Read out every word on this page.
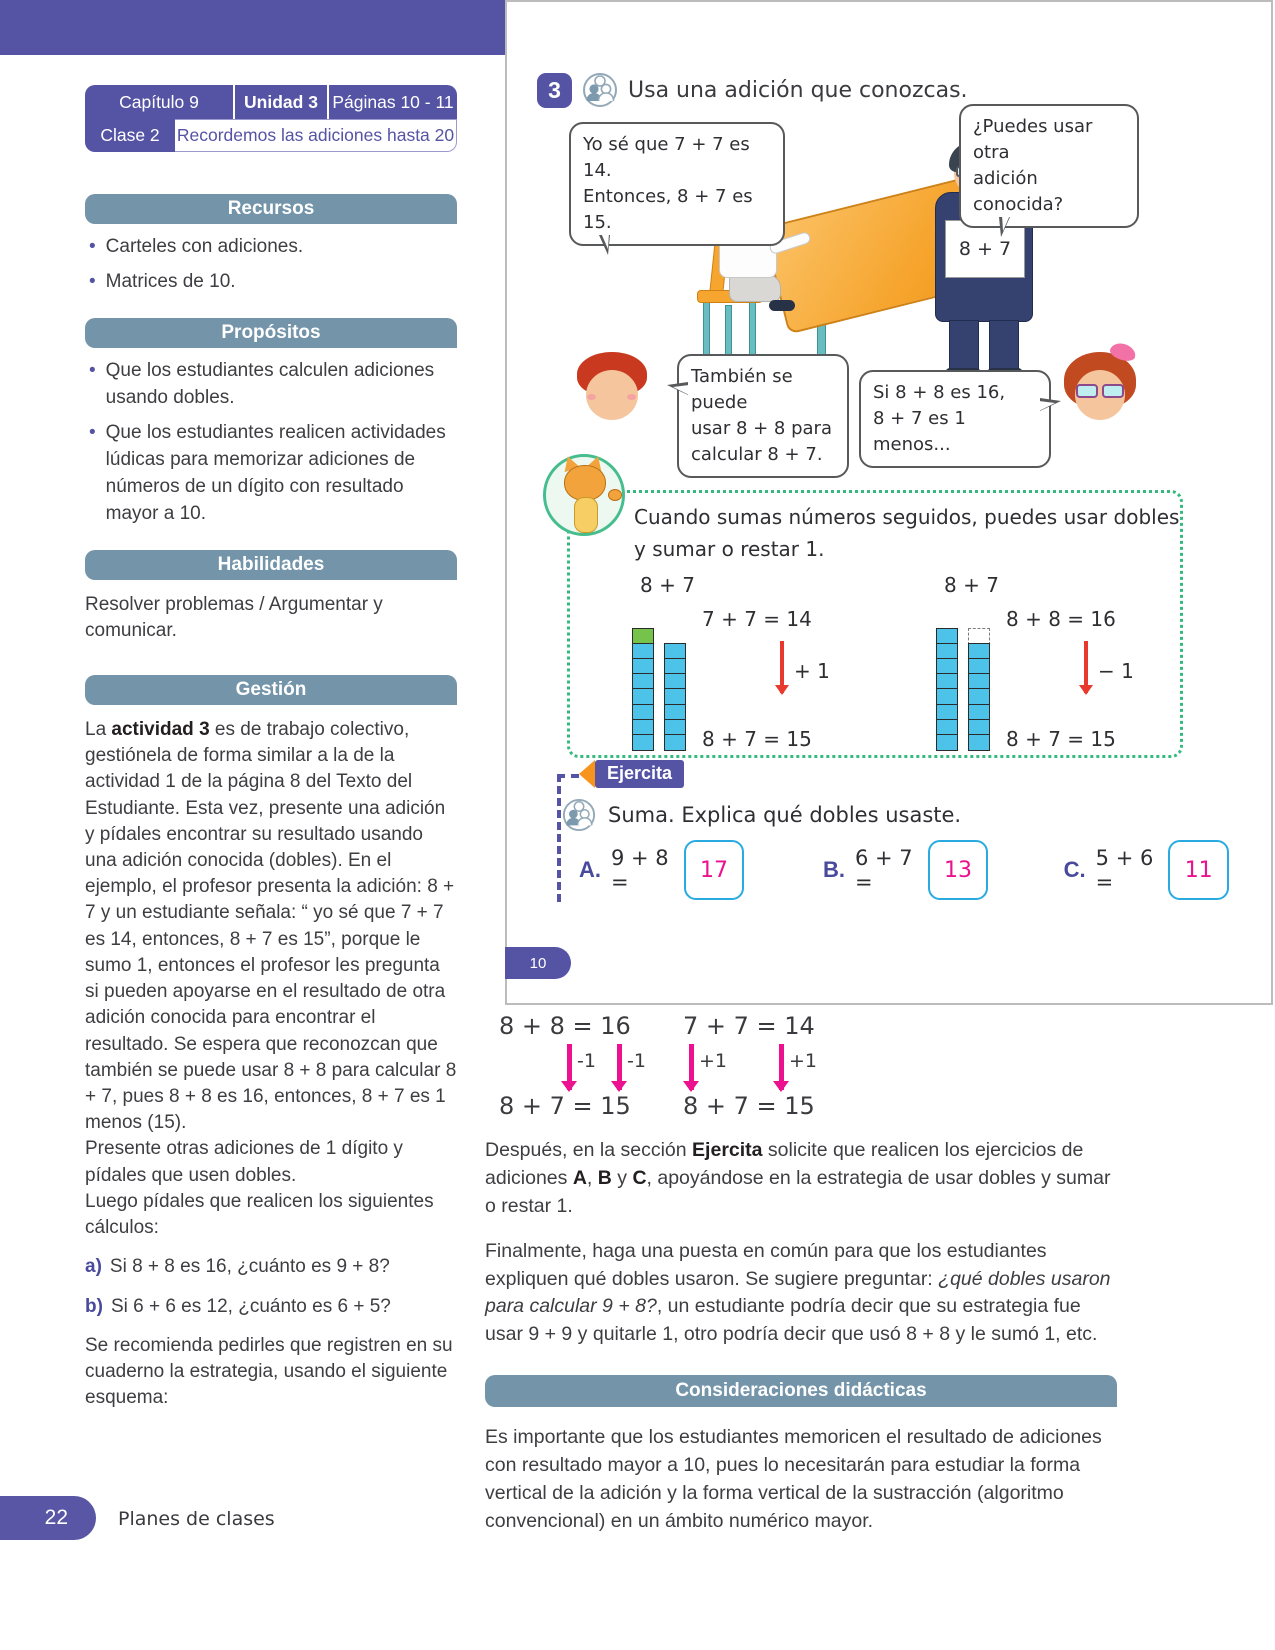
Capítulo 9	Unidad 3 Páginas 10 - 11
Clase 2 Recordemos las adiciones hasta 20
Recursos
• Carteles con adiciones.
• Matrices de 10.
Propósitos
• Que los estudiantes calculen adiciones usando dobles.
• Que los estudiantes realicen actividades lúdicas para memorizar adiciones de números de un dígito con resultado mayor a 10.
Habilidades
Resolver problemas / Argumentar y comunicar.
Gestión
La actividad 3 es de trabajo colectivo, gestiónela de forma similar a la de la actividad 1 de la página 8 del Texto del Estudiante. Esta vez, presente una adición y pídales encontrar su resultado usando una adición conocida (dobles). En el ejemplo, el profesor presenta la adición: 8 + 7 y un estudiante señala: “ yo sé que 7 + 7 es 14, entonces, 8 + 7 es 15”, porque le sumo 1, entonces el profesor les pregunta si pueden apoyarse en el resultado de otra adición conocida para encontrar el resultado. Se espera que reconozcan que también se puede usar 8 + 8 para calcular 8 + 7, pues 8 + 8 es 16, entonces, 8 + 7 es 1 menos (15).
Presente otras adiciones de 1 dígito y pídales que usen dobles.
Luego pídales que realicen los siguientes cálculos:
a) Si 8 + 8 es 16, ¿cuánto es 9 + 8?
b) Si 6 + 6 es 12, ¿cuánto es 6 + 5?
Se recomienda pedirles que registren en su cuaderno la estrategia, usando el siguiente esquema:
3	Usa una adición que conozcas.
Yo sé que 7 + 7 es 14.
Entonces, 8 + 7 es 15.
¿Puedes usar otra
adición conocida?
8 + 7
También se puede
usar 8 + 8 para
calcular 8 + 7.
Si 8 + 8 es 16,
8 + 7 es 1 menos...
Cuando sumas números seguidos, puedes usar dobles
y sumar o restar 1.
8 + 7
7 + 7 = 14
+ 1
8 + 7 = 15
8 + 7
8 + 8 = 16
− 1
8 + 7 = 15
Ejercita
Suma. Explica qué dobles usaste.
A. 9 + 8 =	17	B. 6 + 7 =	13	C. 5 + 6 =	11
10
8 + 8 = 16
-1 -1
8 + 7 = 15
7 + 7 = 14
+1	+1
8 + 7 = 15

Después, en la sección Ejercita solicite que realicen los ejercicios de adiciones A, B y C, apoyándose en la estrategia de usar dobles y sumar o restar 1.

Finalmente, haga una puesta en común para que los estudiantes expliquen qué dobles usaron. Se sugiere preguntar: ¿qué dobles usaron para calcular 9 + 8?, un estudiante podría decir que su estrategia fue usar 9 + 9 y quitarle 1, otro podría decir que usó 8 + 8 y le sumó 1, etc.

Consideraciones didácticas

Es importante que los estudiantes memoricen el resultado de adiciones con resultado mayor a 10, pues lo necesitarán para estudiar la forma vertical de la adición y la forma vertical de la sustracción (algoritmo convencional) en un ámbito numérico mayor.

22	Planes de clases
